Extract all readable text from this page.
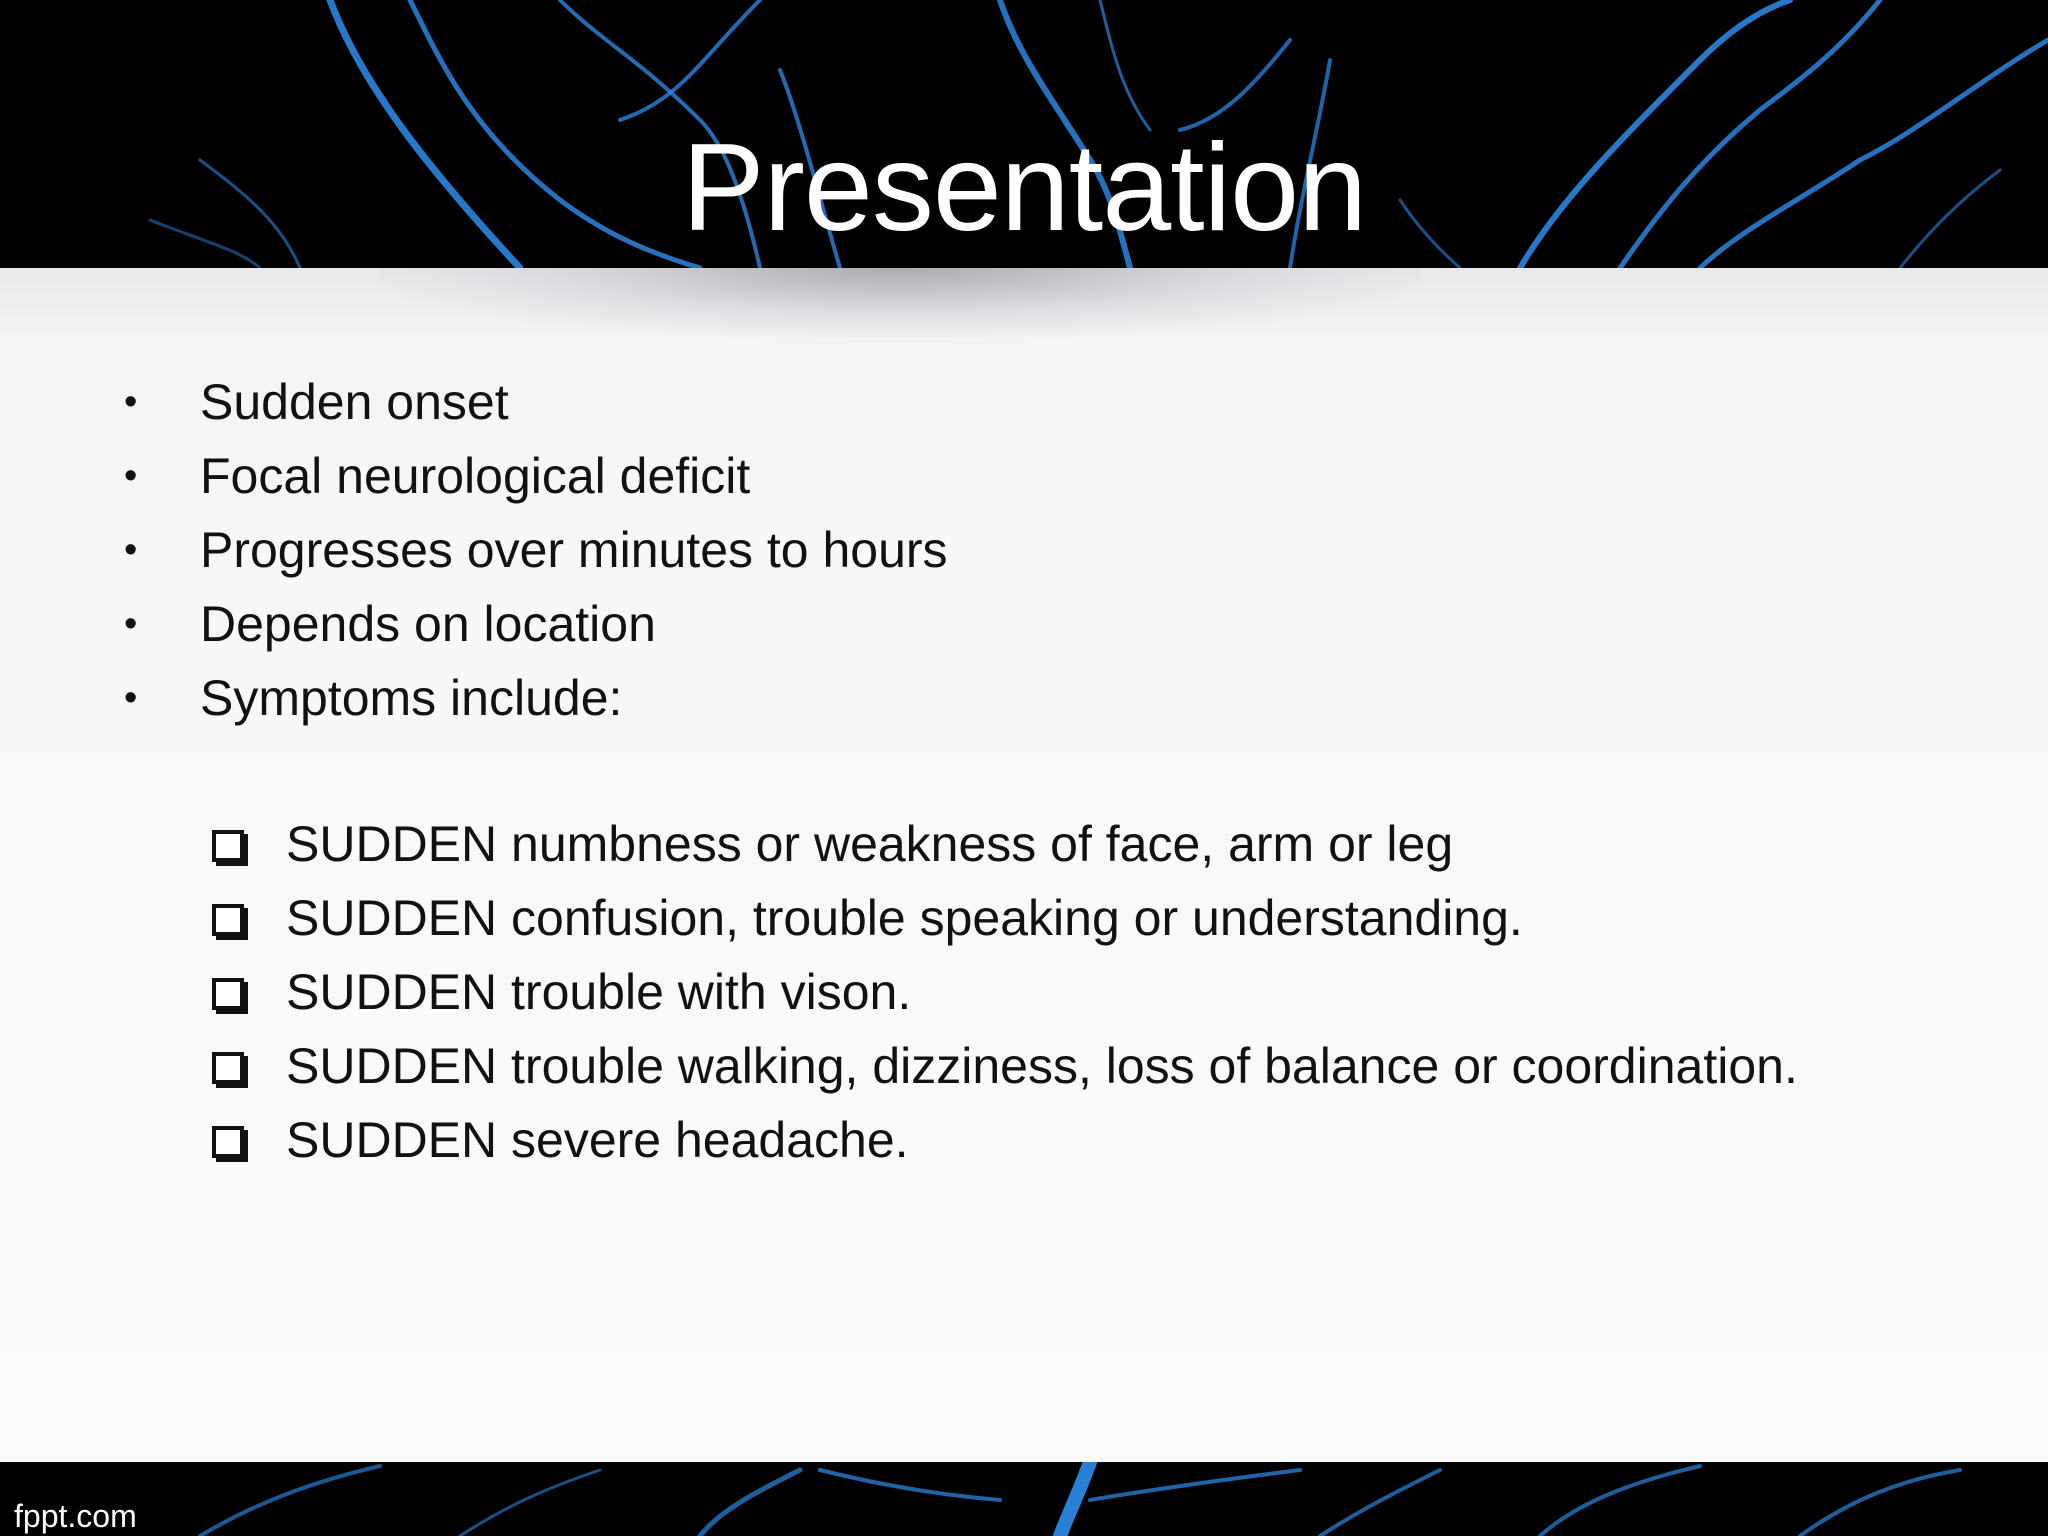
Presentation
• Sudden onset
• Focal neurological deficit
• Progresses over minutes to hours
• Depends on location
• Symptoms include:
SUDDEN numbness or weakness of face, arm or leg
SUDDEN confusion, trouble speaking or understanding.
SUDDEN trouble with vison.
SUDDEN trouble walking, dizziness, loss of balance or coordination.
SUDDEN severe headache.
fppt.com
